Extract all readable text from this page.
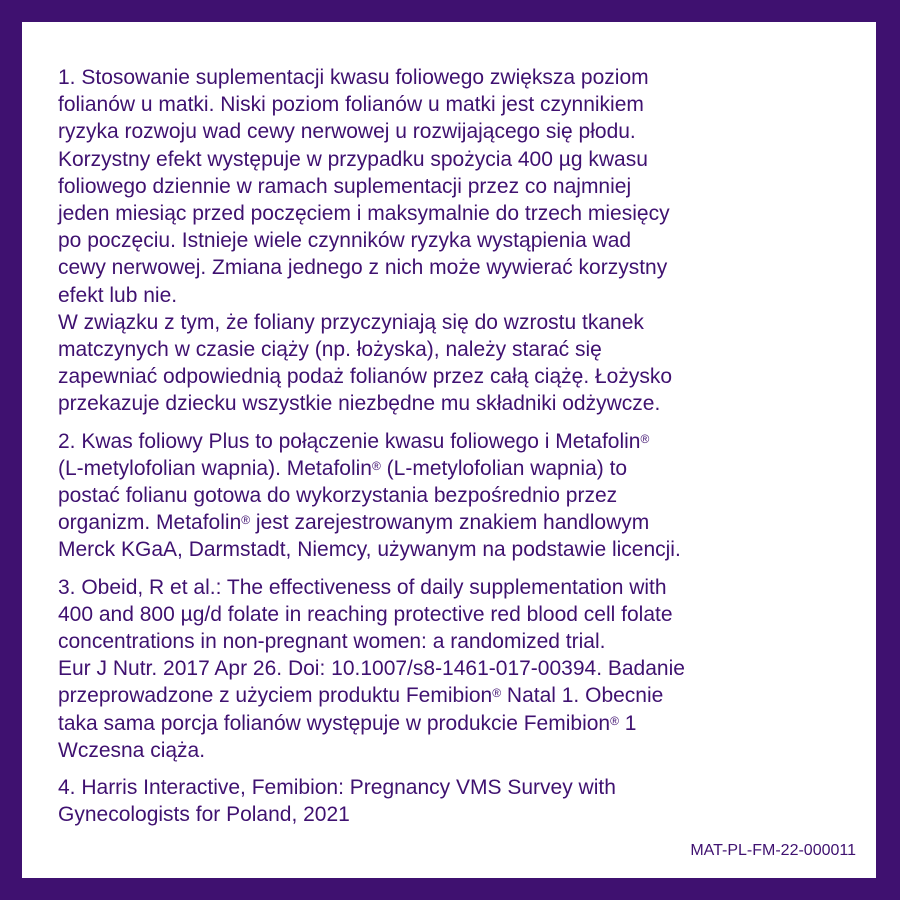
1. Stosowanie suplementacji kwasu foliowego zwiększa poziom
folianów u matki. Niski poziom folianów u matki jest czynnikiem
ryzyka rozwoju wad cewy nerwowej u rozwijającego się płodu.
Korzystny efekt występuje w przypadku spożycia 400 µg kwasu
foliowego dziennie w ramach suplementacji przez co najmniej
jeden miesiąc przed poczęciem i maksymalnie do trzech miesięcy
po poczęciu. Istnieje wiele czynników ryzyka wystąpienia wad
cewy nerwowej. Zmiana jednego z nich może wywierać korzystny
efekt lub nie.
W związku z tym, że foliany przyczyniają się do wzrostu tkanek
matczynych w czasie ciąży (np. łożyska), należy starać się
zapewniać odpowiednią podaż folianów przez całą ciążę. Łożysko
przekazuje dziecku wszystkie niezbędne mu składniki odżywcze.

2. Kwas foliowy Plus to połączenie kwasu foliowego i Metafolin®
(L-metylofolian wapnia). Metafolin® (L-metylofolian wapnia) to
postać folianu gotowa do wykorzystania bezpośrednio przez
organizm. Metafolin® jest zarejestrowanym znakiem handlowym
Merck KGaA, Darmstadt, Niemcy, używanym na podstawie licencji.

3. Obeid, R et al.: The effectiveness of daily supplementation with
400 and 800 µg/d folate in reaching protective red blood cell folate
concentrations in non-pregnant women: a randomized trial.
Eur J Nutr. 2017 Apr 26. Doi: 10.1007/s8-1461-017-00394. Badanie
przeprowadzone z użyciem produktu Femibion® Natal 1. Obecnie
taka sama porcja folianów występuje w produkcie Femibion® 1
Wczesna ciąża.

4. Harris Interactive, Femibion: Pregnancy VMS Survey with
Gynecologists for Poland, 2021

MAT-PL-FM-22-000011
